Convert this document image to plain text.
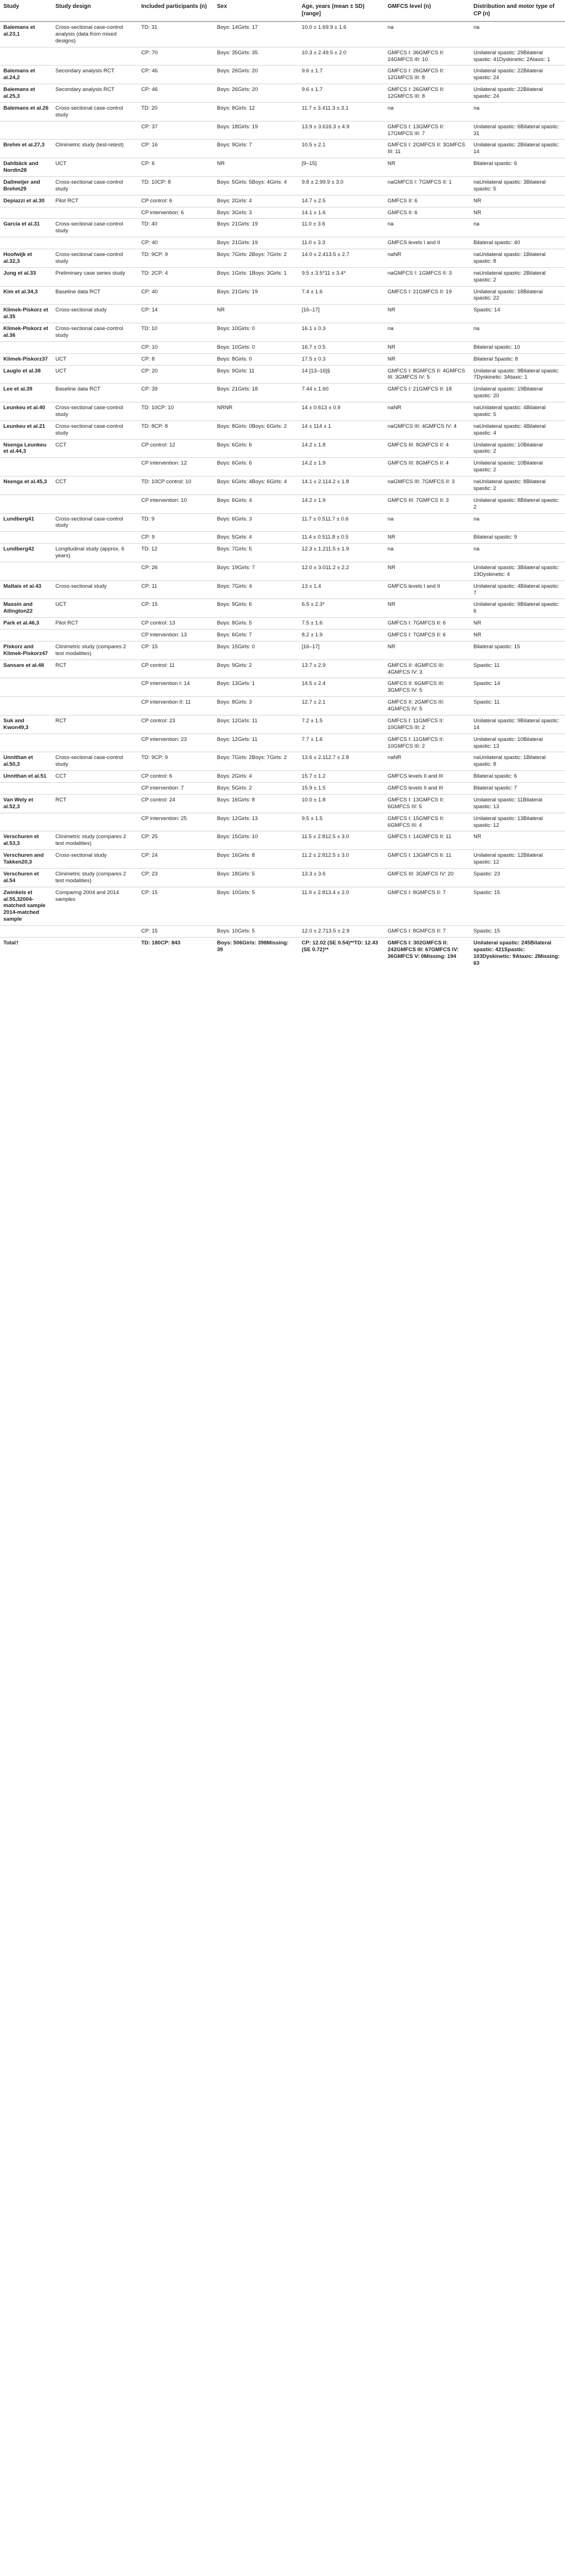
Study	Study design	Included participants (n)	Sex	Age, years (mean ± SD) [range]	GMFCS level (n)	Distribution and motor type of CP (n)
Balemans et al.23,1	Cross-sectional case-control analysis (data from mixed designs)	TD: 31	Boys: 14Girls: 17	10.0 ± 1.69.9 ± 1.6	na	na
		CP: 70	Boys: 35Girls: 35	10.3 ± 2.49.5 ± 2.0	GMFCS I: 36GMFCS II: 24GMFCS III: 10	Unilateral spastic: 29Bilateral spastic: 41Dyskinetic: 2Ataxic: 1
Balemans et al.24,2	Secondary analysis RCT	CP: 46	Boys: 26Girls: 20	9.6 ± 1.7	GMFCS I: 26GMFCS II: 12GMFCS III: 8	Unilateral spastic: 22Bilateral spastic: 24
Balemans et al.25,3	Secondary analysis RCT	CP: 46	Boys: 26Girls: 20	9.6 ± 1.7	GMFCS I: 26GMFCS II: 12GMFCS III: 8	Unilateral spastic: 22Bilateral spastic: 24
Balemans et al.26	Cross-sectional case-control study	TD: 20	Boys: 8Girls: 12	11.7 ± 3.411.3 ± 3.1	na	na
		CP: 37	Boys: 18Girls: 19	13.9 ± 3.616.3 ± 4.9	GMFCS I: 13GMFCS II: 17GMFCS III: 7	Unilateral spastic: 6Bilateral spastic: 31
Brehm et al.27,3	Clinimetric study (test-retest)	CP: 16	Boys: 9Girls: 7	10.5 ± 2.1	GMFCS I: 2GMFCS II: 3GMFCS III: 11	Unilateral spastic: 2Bilateral spastic: 14
Dahlbäck and Nordin28	UCT	CP: 6	NR	[9–15]	NR	Bilateral spastic: 6
Dallmeijer and Brehm29	Cross-sectional case-control study	TD: 10CP: 8	Boys: 5Girls: 5Boys: 4Girls: 4	9.8 ± 2.99.9 ± 3.0	naGMFCS I: 7GMFCS II: 1	naUnilateral spastic: 3Bilateral spastic: 5
Depiazzi et al.30	Pilot RCT	CP control: 6	Boys: 2Girls: 4	14.7 ± 2.5	GMFCS II: 6	NR
		CP intervention: 6	Boys: 3Girls: 3	14.1 ± 1.6	GMFCS II: 6	NR
Garcia et al.31	Cross-sectional case-control study	TD: 40	Boys: 21Girls: 19	11.0 ± 3.6	na	na
		CP: 40	Boys: 21Girls: 19	11.0 ± 3.3	GMFCS levels I and II	Bilateral spastic: 40
Hoofwijk et al.32,3	Cross-sectional case-control study	TD: 9CP: 9	Boys: 7Girls: 2Boys: 7Girls: 2	14.0 ± 2.413.5 ± 2.7	naNR	naUnilateral spastic: 1Bilateral spastic: 8
Jung et al.33	Preliminary case series study	TD: 2CP: 4	Boys: 1Girls: 1Boys: 3Girls: 1	9.5 ± 3.5*11 ± 3.4*	naGMFCS I: 1GMFCS II: 3	naUnilateral spastic: 2Bilateral spastic: 2
Kim et al.34,3	Baseline data RCT	CP: 40	Boys: 21Girls: 19	7.4 ± 1.6	GMFCS I: 21GMFCS II: 19	Unilateral spastic: 18Bilateral spastic: 22
Klimek-Piskorz et al.35	Cross-sectional study	CP: 14	NR	[16–17]	NR	Spastic: 14
Klimek-Piskorz et al.36	Cross-sectional case-control study	TD: 10	Boys: 10Girls: 0	16.1 ± 0.3	na	na
		CP: 10	Boys: 10Girls: 0	16.7 ± 0.5	NR	Bilateral spastic: 10
Klimek-Piskorz37	UCT	CP: 8	Boys: 8Girls: 0	17.5 ± 0.3	NR	Bilateral Spastic: 8
Lauglo et al.38	UCT	CP: 20	Boys: 9Girls: 11	14 [13–16]§	GMFCS I: 8GMFCS II: 4GMFCS III: 3GMFCS IV: 5	Unilateral spastic: 9Bilateral spastic: 7Dyskinetic: 3Ataxic: 1
Lee et al.39	Baseline data RCT	CP: 39	Boys: 21Girls: 18	7.44 ± 1.60	GMFCS I: 21GMFCS II: 18	Unilateral spastic: 19Bilateral spastic: 20
Leunkeu et al.40	Cross-sectional case-control study	TD: 10CP: 10	NRNR	14 ± 0.613 ± 0.9	naNR	naUnilateral spastic: 4Bilateral spastic: 5
Leunkeu et al.21	Cross-sectional case-control study	TD: 8CP: 8	Boys: 8Girls: 0Boys: 6Girls: 2	14 ± 114 ± 1	naGMFCS III: 4GMFCS IV: 4	naUnilateral spastic: 4Bilateral spastic: 4
Nsenga Leunkeu et al.44,3	CCT	CP control: 12	Boys: 6Girls: 6	14.2 ± 1.8	GMFCS III: 8GMFCS II: 4	Unilateral spastic: 10Bilateral spastic: 2
		CP intervention: 12	Boys: 6Girls: 6	14.2 ± 1.9	GMFCS III: 8GMFCS II: 4	Unilateral spastic: 10Bilateral spastic: 2
Nsenga et al.45,3	CCT	TD: 10CP control: 10	Boys: 6Girls: 4Boys: 6Girls: 4	14.1 ± 2.114.2 ± 1.8	naGMFCS III: 7GMFCS II: 3	naUnilateral spastic: 8Bilateral spastic: 2
		CP intervention: 10	Boys: 6Girls: 4	14.2 ± 1.9	GMFCS III: 7GMFCS II: 3	Unilateral spastic: 8Bilateral spastic: 2
Lundberg41	Cross-sectional case-control study	TD: 9	Boys: 6Girls: 3	11.7 ± 0.511.7 ± 0.6	na	na
		CP: 9	Boys: 5Girls: 4	11.4 ± 0.511.8 ± 0.5	NR	Bilateral spastic: 9
Lundberg42	Longitudinal study (approx. 6 years)	TD: 12	Boys: 7Girls: 5	12.3 ± 1.211.5 ± 1.9	na	na
		CP: 26	Boys: 19Girls: 7	12.0 ± 3.011.2 ± 2.2	NR	Unilateral spastic: 3Bilateral spastic: 19Dyskinetic: 4
Maltais et al.43	Cross-sectional study	CP: 11	Boys: 7Girls: 4	13 ± 1.4	GMFCS levels I and II	Unilateral spastic: 4Bilateral spastic: 7
Massin and Allington22	UCT	CP: 15	Boys: 9Girls: 6	6.5 ± 2.3*	NR	Unilateral spastic: 9Bilateral spastic: 6
Park et al.46,3	Pilot RCT	CP control: 13	Boys: 8Girls: 5	7.5 ± 1.6	GMFCS I: 7GMFCS II: 6	NR
		CP intervention: 13	Boys: 6Girls: 7	8.2 ± 1.9	GMFCS I: 7GMFCS II: 6	NR
Piskorz and Klimek-Piskorz47	Clinimetric study (compares 2 test modalities)	CP: 15	Boys: 15Girls: 0	[16–17]	NR	Bilateral spastic: 15
Sansare et al.48	RCT	CP control: 11	Boys: 9Girls: 2	13.7 ± 2.9	GMFCS II: 4GMFCS III: 4GMFCS IV: 3	Spastic: 11
		CP intervention I: 14	Boys: 13Girls: 1	14.5 ± 2.4	GMFCS II: 6GMFCS III: 3GMFCS IV: 5	Spastic: 14
		CP intervention II: 11	Boys: 8Girls: 3	12.7 ± 2.1	GMFCS II: 2GMFCS III: 4GMFCS IV: 5	Spastic: 11
Suk and Kwon49,3	RCT	CP control: 23	Boys: 12Girls: 11	7.2 ± 1.5	GMFCS I: 11GMFCS II: 10GMFCS III: 2	Unilateral spastic: 9Bilateral spastic: 14
		CP intervention: 23	Boys: 12Girls: 11	7.7 ± 1.6	GMFCS I: 11GMFCS II: 10GMFCS III: 2	Unilateral spastic: 10Bilateral spastic: 13
Unnithan et al.50,3	Cross-sectional case-control study	TD: 9CP: 9	Boys: 7Girls: 2Boys: 7Girls: 2	13.6 ± 2.112.7 ± 2.8	naNR	naUnilateral spastic: 1Bilateral spastic: 8
Unnithan et al.51	CCT	CP control: 6	Boys: 2Girls: 4	15.7 ± 1.2	GMFCS levels II and III	Bilateral spastic: 6
		CP intervention: 7	Boys: 5Girls: 2	15.9 ± 1.5	GMFCS levels II and III	Bilateral spastic: 7
Van Wely et al.52,3	RCT	CP control: 24	Boys: 16Girls: 8	10.0 ± 1.8	GMFCS I: 13GMFCS II: 6GMFCS III: 5	Unilateral spastic: 11Bilateral spastic: 13
		CP intervention: 25	Boys: 12Girls: 13	9.5 ± 1.5	GMFCS I: 15GMFCS II: 6GMFCS III: 4	Unilateral spastic: 13Bilateral spastic: 12
Verschuren et al.53,3	Clinimetric study (compares 2 test modalities)	CP: 25	Boys: 15Girls: 10	11.5 ± 2.812.5 ± 3.0	GMFCS I: 14GMFCS II: 11	NR
Verschuren and Takken20,3	Cross-sectional study	CP: 24	Boys: 16Girls: 8	11.2 ± 2.812.5 ± 3.0	GMFCS I: 13GMFCS II: 11	Unilateral spastic: 12Bilateral spastic: 12
Verschuren et al.54	Clinimetric study (compares 2 test modalities)	CP: 23	Boys: 18Girls: 5	13.3 ± 3.6	GMFCS III: 3GMFCS IV: 20	Spastic: 23
Zwinkels et al.55,32004-matched sample 2014-matched sample	Comparing 2004 and 2014 samples	CP: 15	Boys: 10Girls: 5	11.9 ± 2.813.4 ± 2.0	GMFCS I: 8GMFCS II: 7	Spastic: 15
		CP: 15	Boys: 10Girls: 5	12.0 ± 2.713.5 ± 2.9	GMFCS I: 8GMFCS II: 7	Spastic: 15
Total†		TD: 180CP: 843	Boys: 506Girls: 398Missing: 39	CP: 12.02 (SE 0.54)**TD: 12.43 (SE 0.72)**	GMFCS I: 302GMFCS II: 242GMFCS III: 67GMFCS IV: 36GMFCS V: 0Missing: 194	Unilateral spastic: 245Bilateral spastic: 421Spastic: 103Dyskinetic: 9Ataxic: 2Missing: 63
